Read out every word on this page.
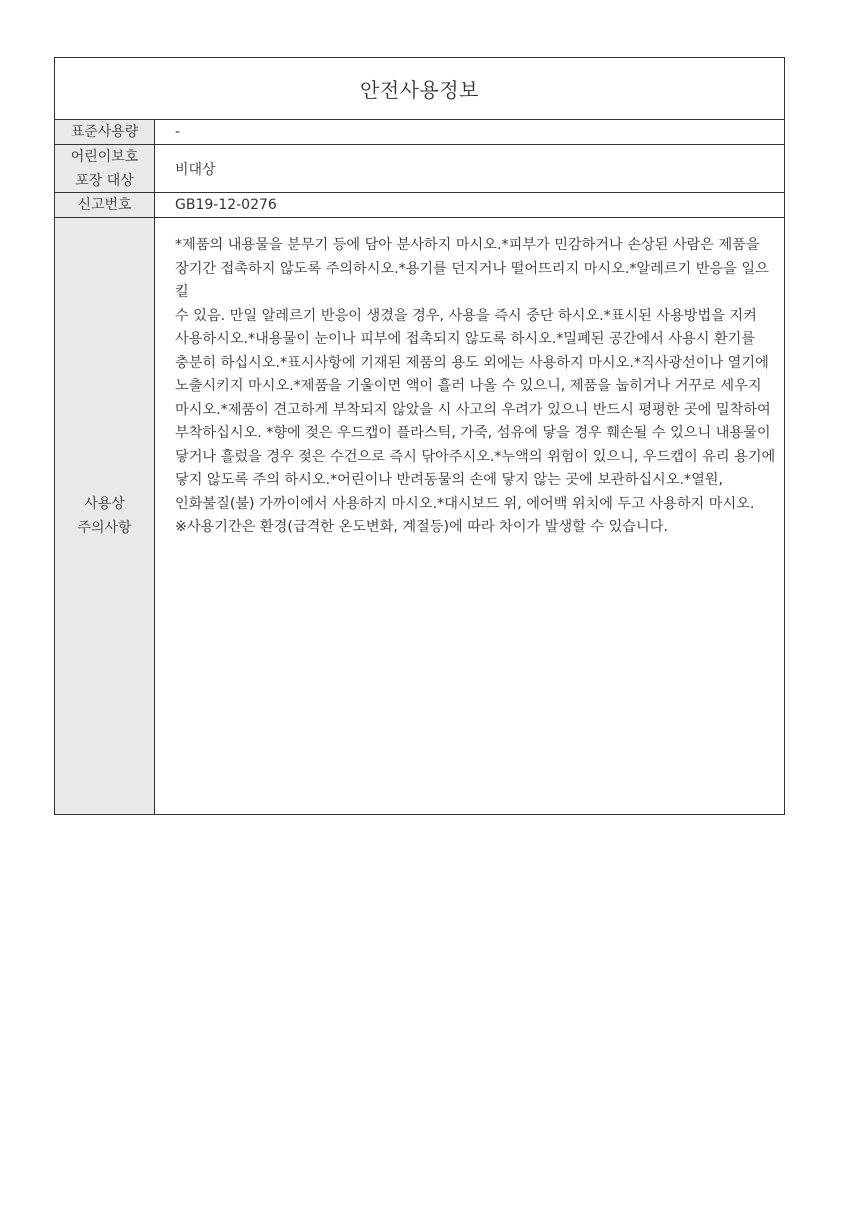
안전사용정보
표준사용량	-
어린이보호
포장 대상
비대상
신고번호	GB19-12-0276
사용상
주의사항
*제품의 내용물을 분무기 등에 담아 분사하지 마시오.*피부가 민감하거나 손상된 사람은 제품을
장기간 접촉하지 않도록 주의하시오.*용기를 던지거나 떨어뜨리지 마시오.*알레르기 반응을 일으킬
수 있음. 만일 알레르기 반응이 생겼을 경우, 사용을 즉시 중단 하시오.*표시된 사용방법을 지켜
사용하시오.*내용물이 눈이나 피부에 접촉되지 않도록 하시오.*밀폐된 공간에서 사용시 환기를
충분히 하십시오.*표시사항에 기재된 제품의 용도 외에는 사용하지 마시오.*직사광선이나 열기에
노출시키지 마시오.*제품을 기울이면 액이 흘러 나올 수 있으니, 제품을 눕히거나 거꾸로 세우지
마시오.*제품이 견고하게 부착되지 않았을 시 사고의 우려가 있으니 반드시 평평한 곳에 밀착하여
부착하십시오. *향에 젖은 우드캡이 플라스틱, 가죽, 섬유에 닿을 경우 훼손될 수 있으니 내용물이
닿거나 흘렀을 경우 젖은 수건으로 즉시 닦아주시오.*누액의 위험이 있으니, 우드캡이 유리 용기에
닿지 않도록 주의 하시오.*어린이나 반려동물의 손에 닿지 않는 곳에 보관하십시오.*열원,
인화불질(불) 가까이에서 사용하지 마시오.*대시보드 위, 에어백 위치에 두고 사용하지 마시오.
※사용기간은 환경(급격한 온도변화, 계절등)에 따라 차이가 발생할 수 있습니다.
